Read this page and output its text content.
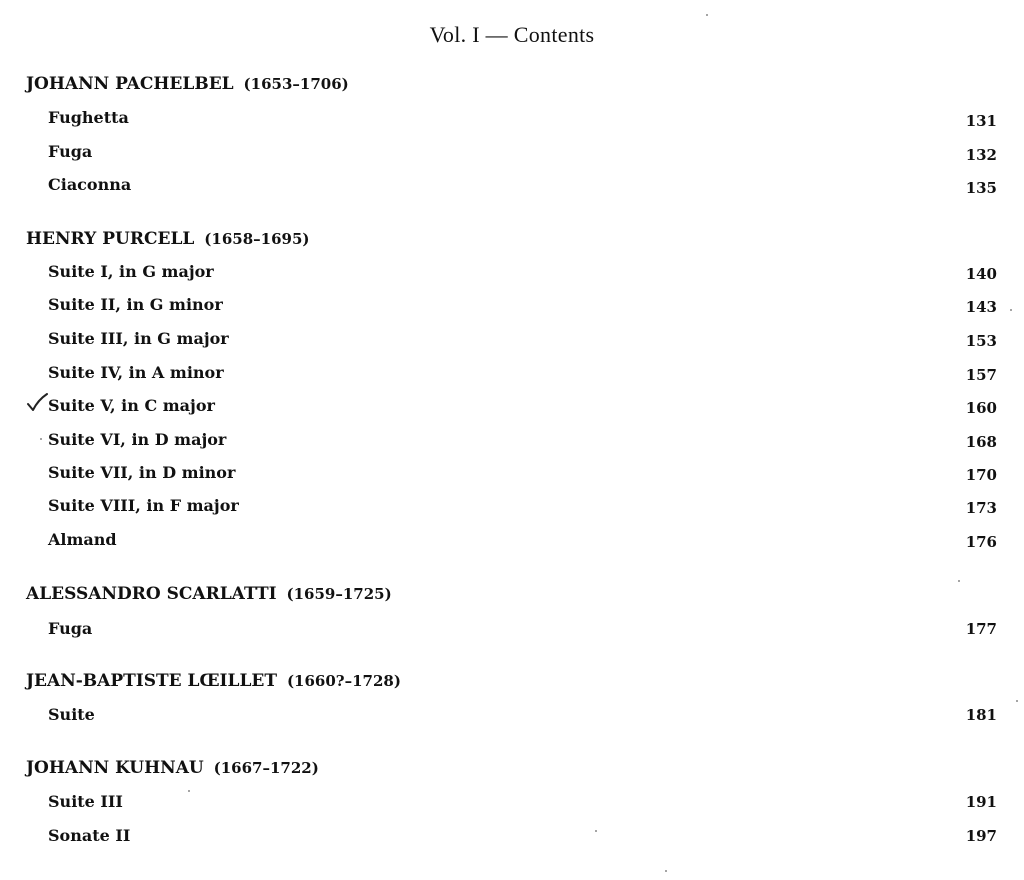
Vol. I — Contents
JOHANN PACHELBEL (1653–1706)
Fughetta	131
Fuga	132
Ciaconna	135
HENRY PURCELL (1658–1695)
Suite I, in G major	140
Suite II, in G minor	143
Suite III, in G major	153
Suite IV, in A minor	157
Suite V, in C major	160
Suite VI, in D major	168
Suite VII, in D minor	170
Suite VIII, in F major	173
Almand	176
ALESSANDRO SCARLATTI (1659–1725)
Fuga	177
JEAN-BAPTISTE LŒILLET (1660?–1728)
Suite	181
JOHANN KUHNAU (1667–1722)
Suite III	191
Sonate II	197
